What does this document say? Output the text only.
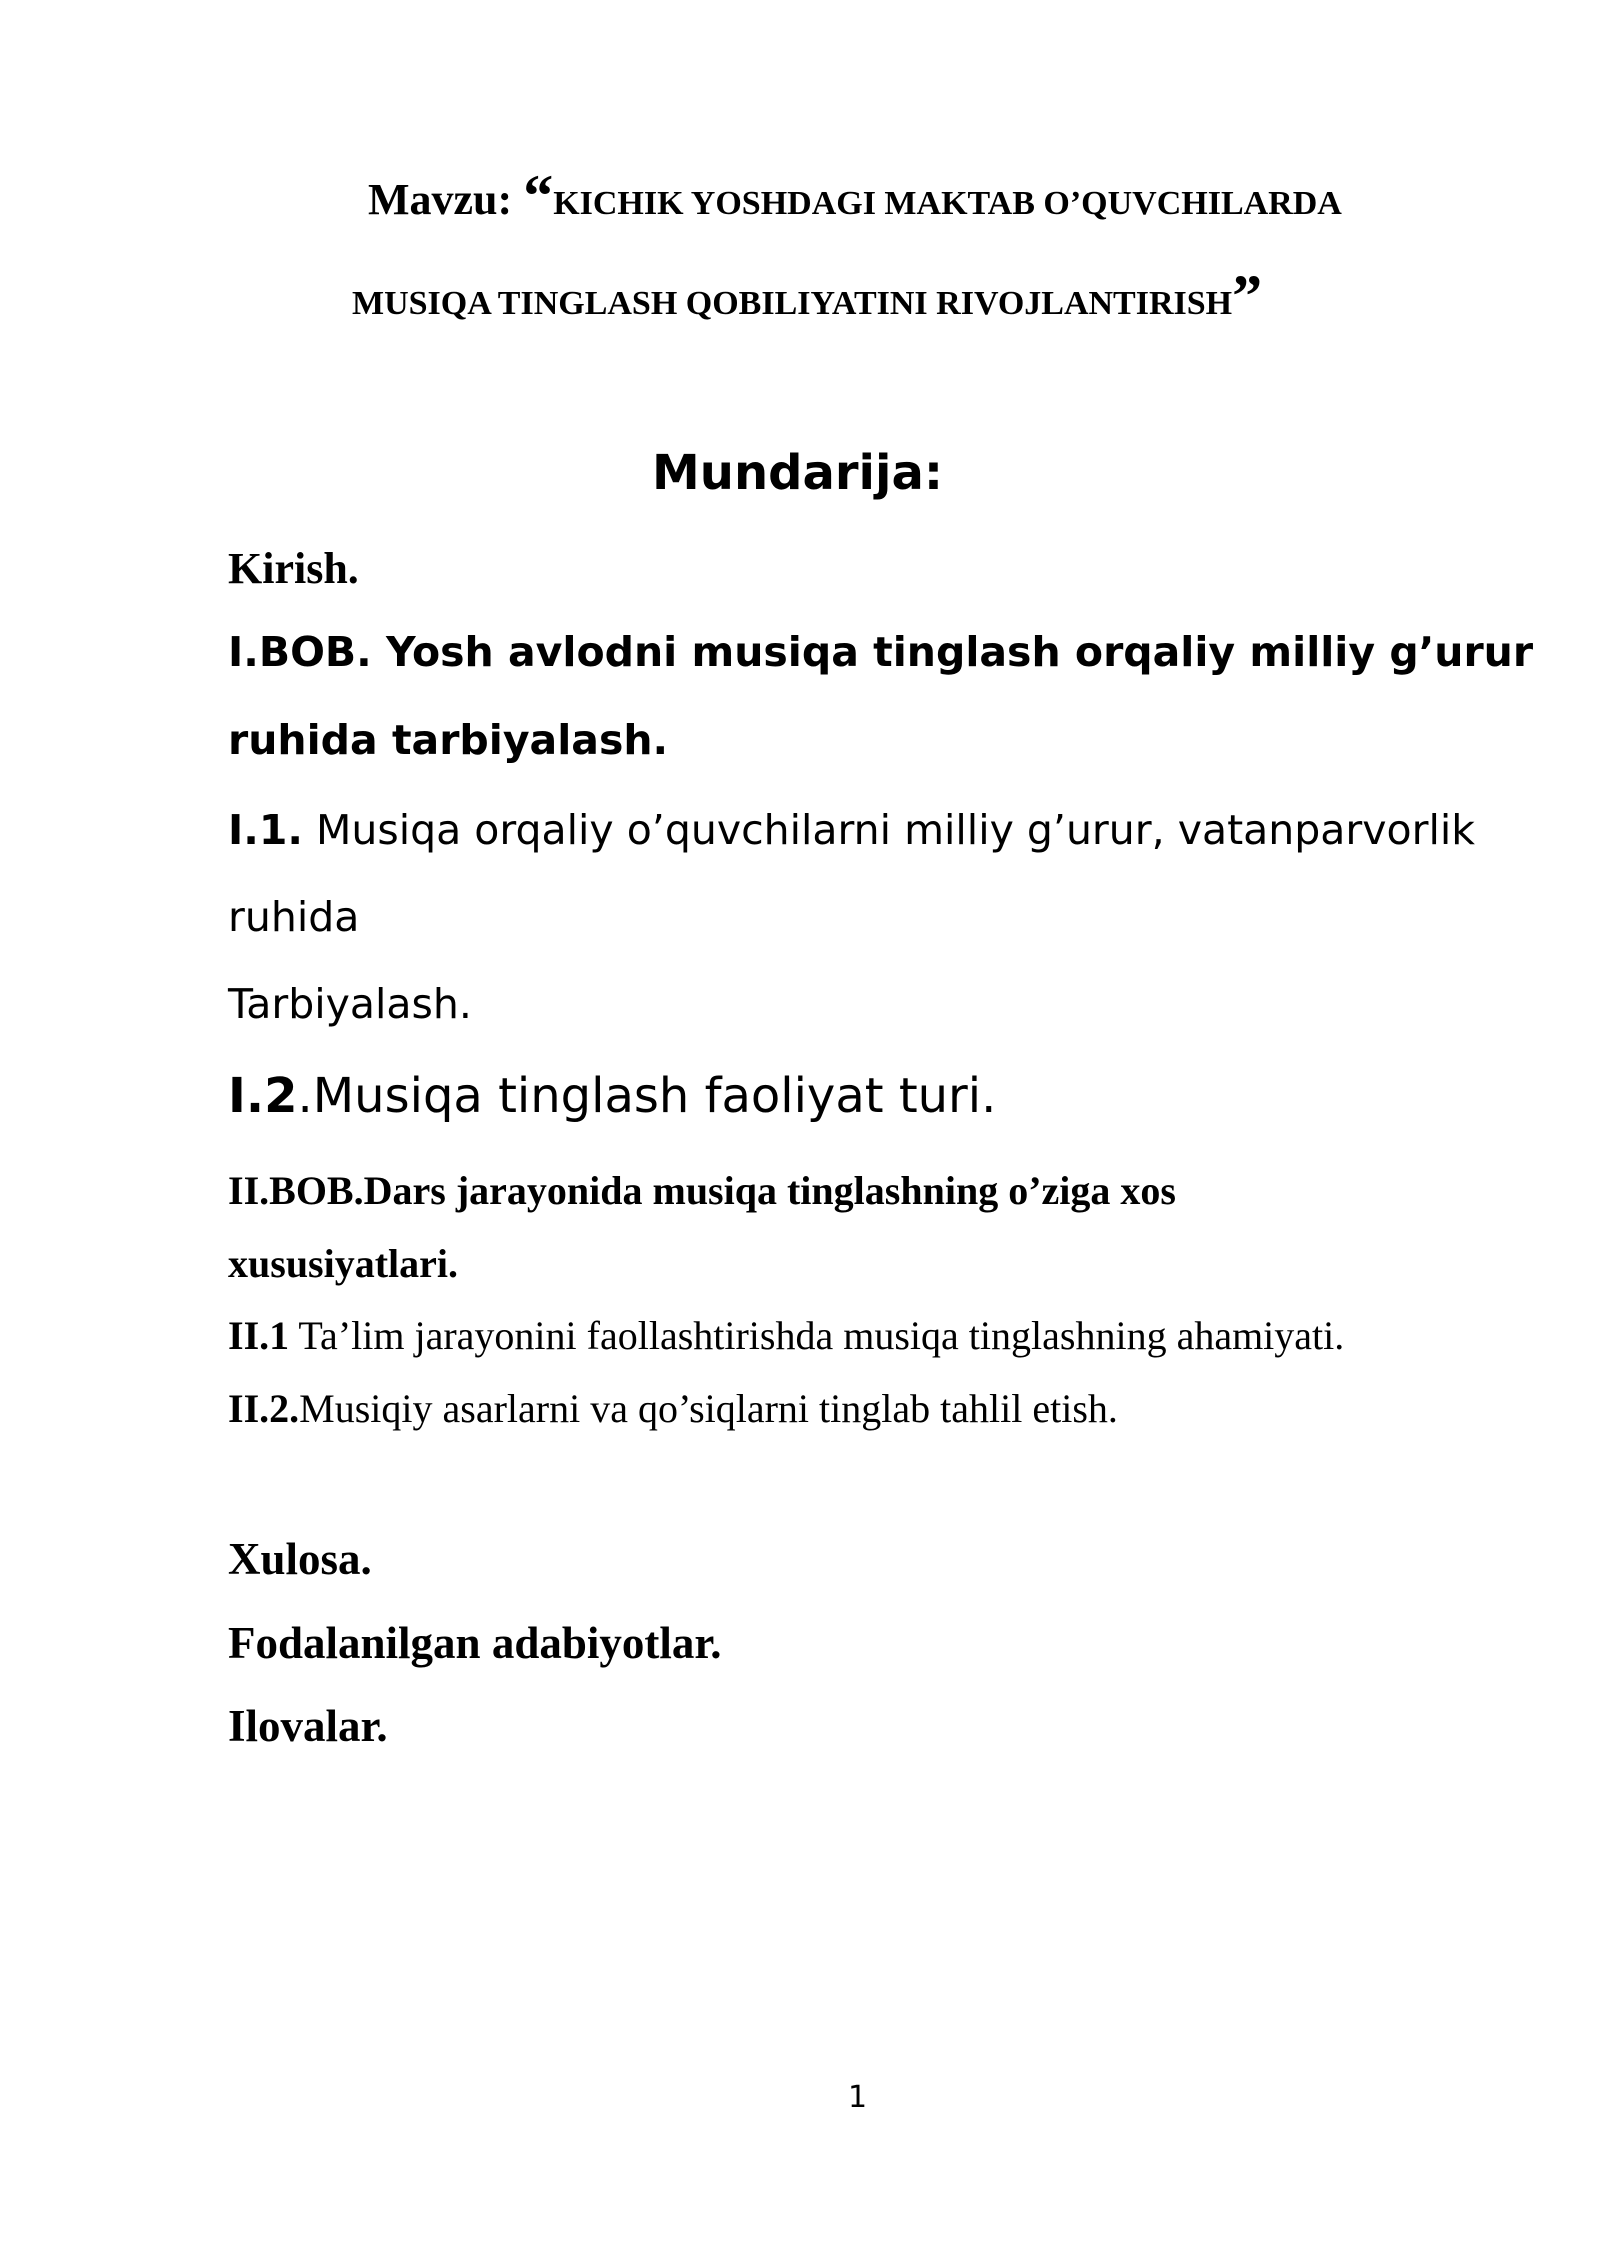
Mavzu: “KICHIK YOSHDAGI MAKTAB O’QUVCHILARDA
MUSIQA TINGLASH QOBILIYATINI RIVOJLANTIRISH”
Mundarija:
Kirish.
I.BOB. Yosh avlodni musiqa tinglash orqaliy milliy g’urur
ruhida tarbiyalash.
I.1. Musiqa orqaliy o’quvchilarni milliy g’urur, vatanparvorlik
ruhida
Tarbiyalash.
I.2.Musiqa tinglash faoliyat turi.
II.BOB.Dars jarayonida musiqa tinglashning o’ziga xos
xususiyatlari.
II.1 Ta’lim jarayonini faollashtirishda musiqa tinglashning ahamiyati.
II.2.Musiqiy asarlarni va qo’siqlarni tinglab tahlil etish.
Xulosa.
Fodalanilgan adabiyotlar.
Ilovalar.
1
